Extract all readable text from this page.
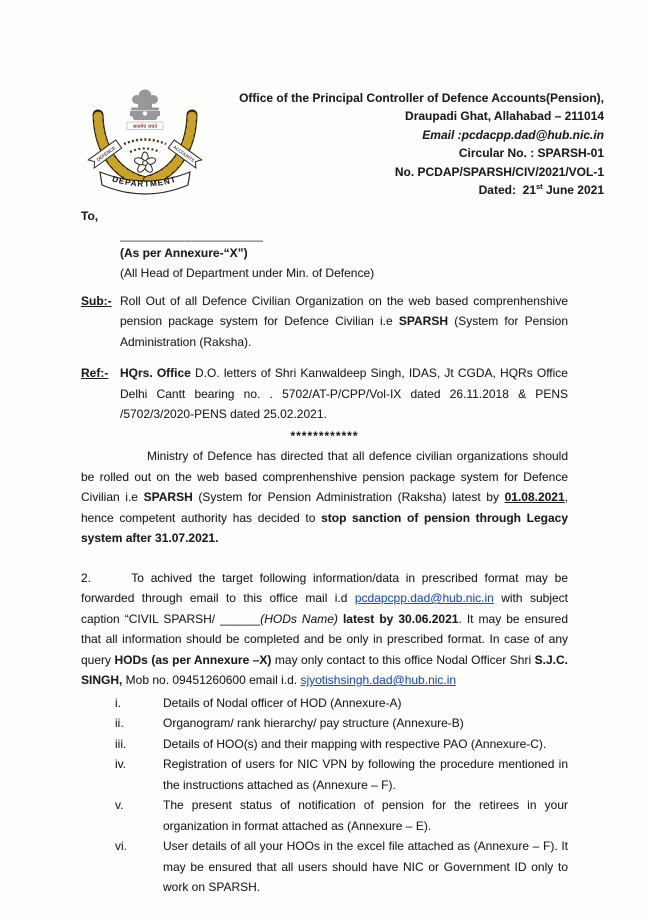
सत्यमेव जयते
DEFENCE	ACCOUNTS
DEPARTMENT
Office of the Principal Controller of Defence Accounts(Pension),
Draupadi Ghat, Allahabad – 211014
Email :pcdacpp.dad@hub.nic.in
Circular No. : SPARSH-01
No. PCDAP/SPARSH/CIV/2021/VOL-1
Dated:  21st June 2021
To,
____________________
(As per Annexure-“X”)
(All Head of Department under Min. of Defence)
Sub:- Roll Out of all Defence Civilian Organization on the web based comprenhenshive pension package system for Defence Civilian i.e SPARSH (System for Pension Administration (Raksha).
Ref:- HQrs. Office D.O. letters of Shri Kanwaldeep Singh, IDAS, Jt CGDA, HQRs Office Delhi Cantt bearing no. . 5702/AT-P/CPP/Vol-IX dated 26.11.2018 & PENS /5702/3/2020-PENS dated 25.02.2021.
************
Ministry of Defence has directed that all defence civilian organizations should be rolled out on the web based comprenhenshive pension package system for Defence Civilian i.e SPARSH (System for Pension Administration (Raksha) latest by 01.08.2021, hence competent authority has decided to stop sanction of pension through Legacy system after 31.07.2021.
2.      To achived the target following information/data in prescribed format may be forwarded through email to this office mail i.d pcdapcpp.dad@hub.nic.in with subject caption “CIVIL SPARSH/ ______(HODs Name) latest by 30.06.2021. It may be ensured that all information should be completed and be only in prescribed format. In case of any query HODs (as per Annexure –X) may only contact to this office Nodal Officer Shri S.J.C. SINGH, Mob no. 09451260600 email i.d. sjyotishsingh.dad@hub.nic.in
i.	Details of Nodal officer of HOD (Annexure-A)
ii.	Organogram/ rank hierarchy/ pay structure (Annexure-B)
iii.	Details of HOO(s) and their mapping with respective PAO (Annexure-C).
iv.	Registration of users for NIC VPN by following the procedure mentioned in the instructions attached as (Annexure – F).
v.	The present status of notification of pension for the retirees in your organization in format attached as (Annexure – E).
vi.	User details of all your HOOs in the excel file attached as (Annexure – F). It may be ensured that all users should have NIC or Government ID only to work on SPARSH.
